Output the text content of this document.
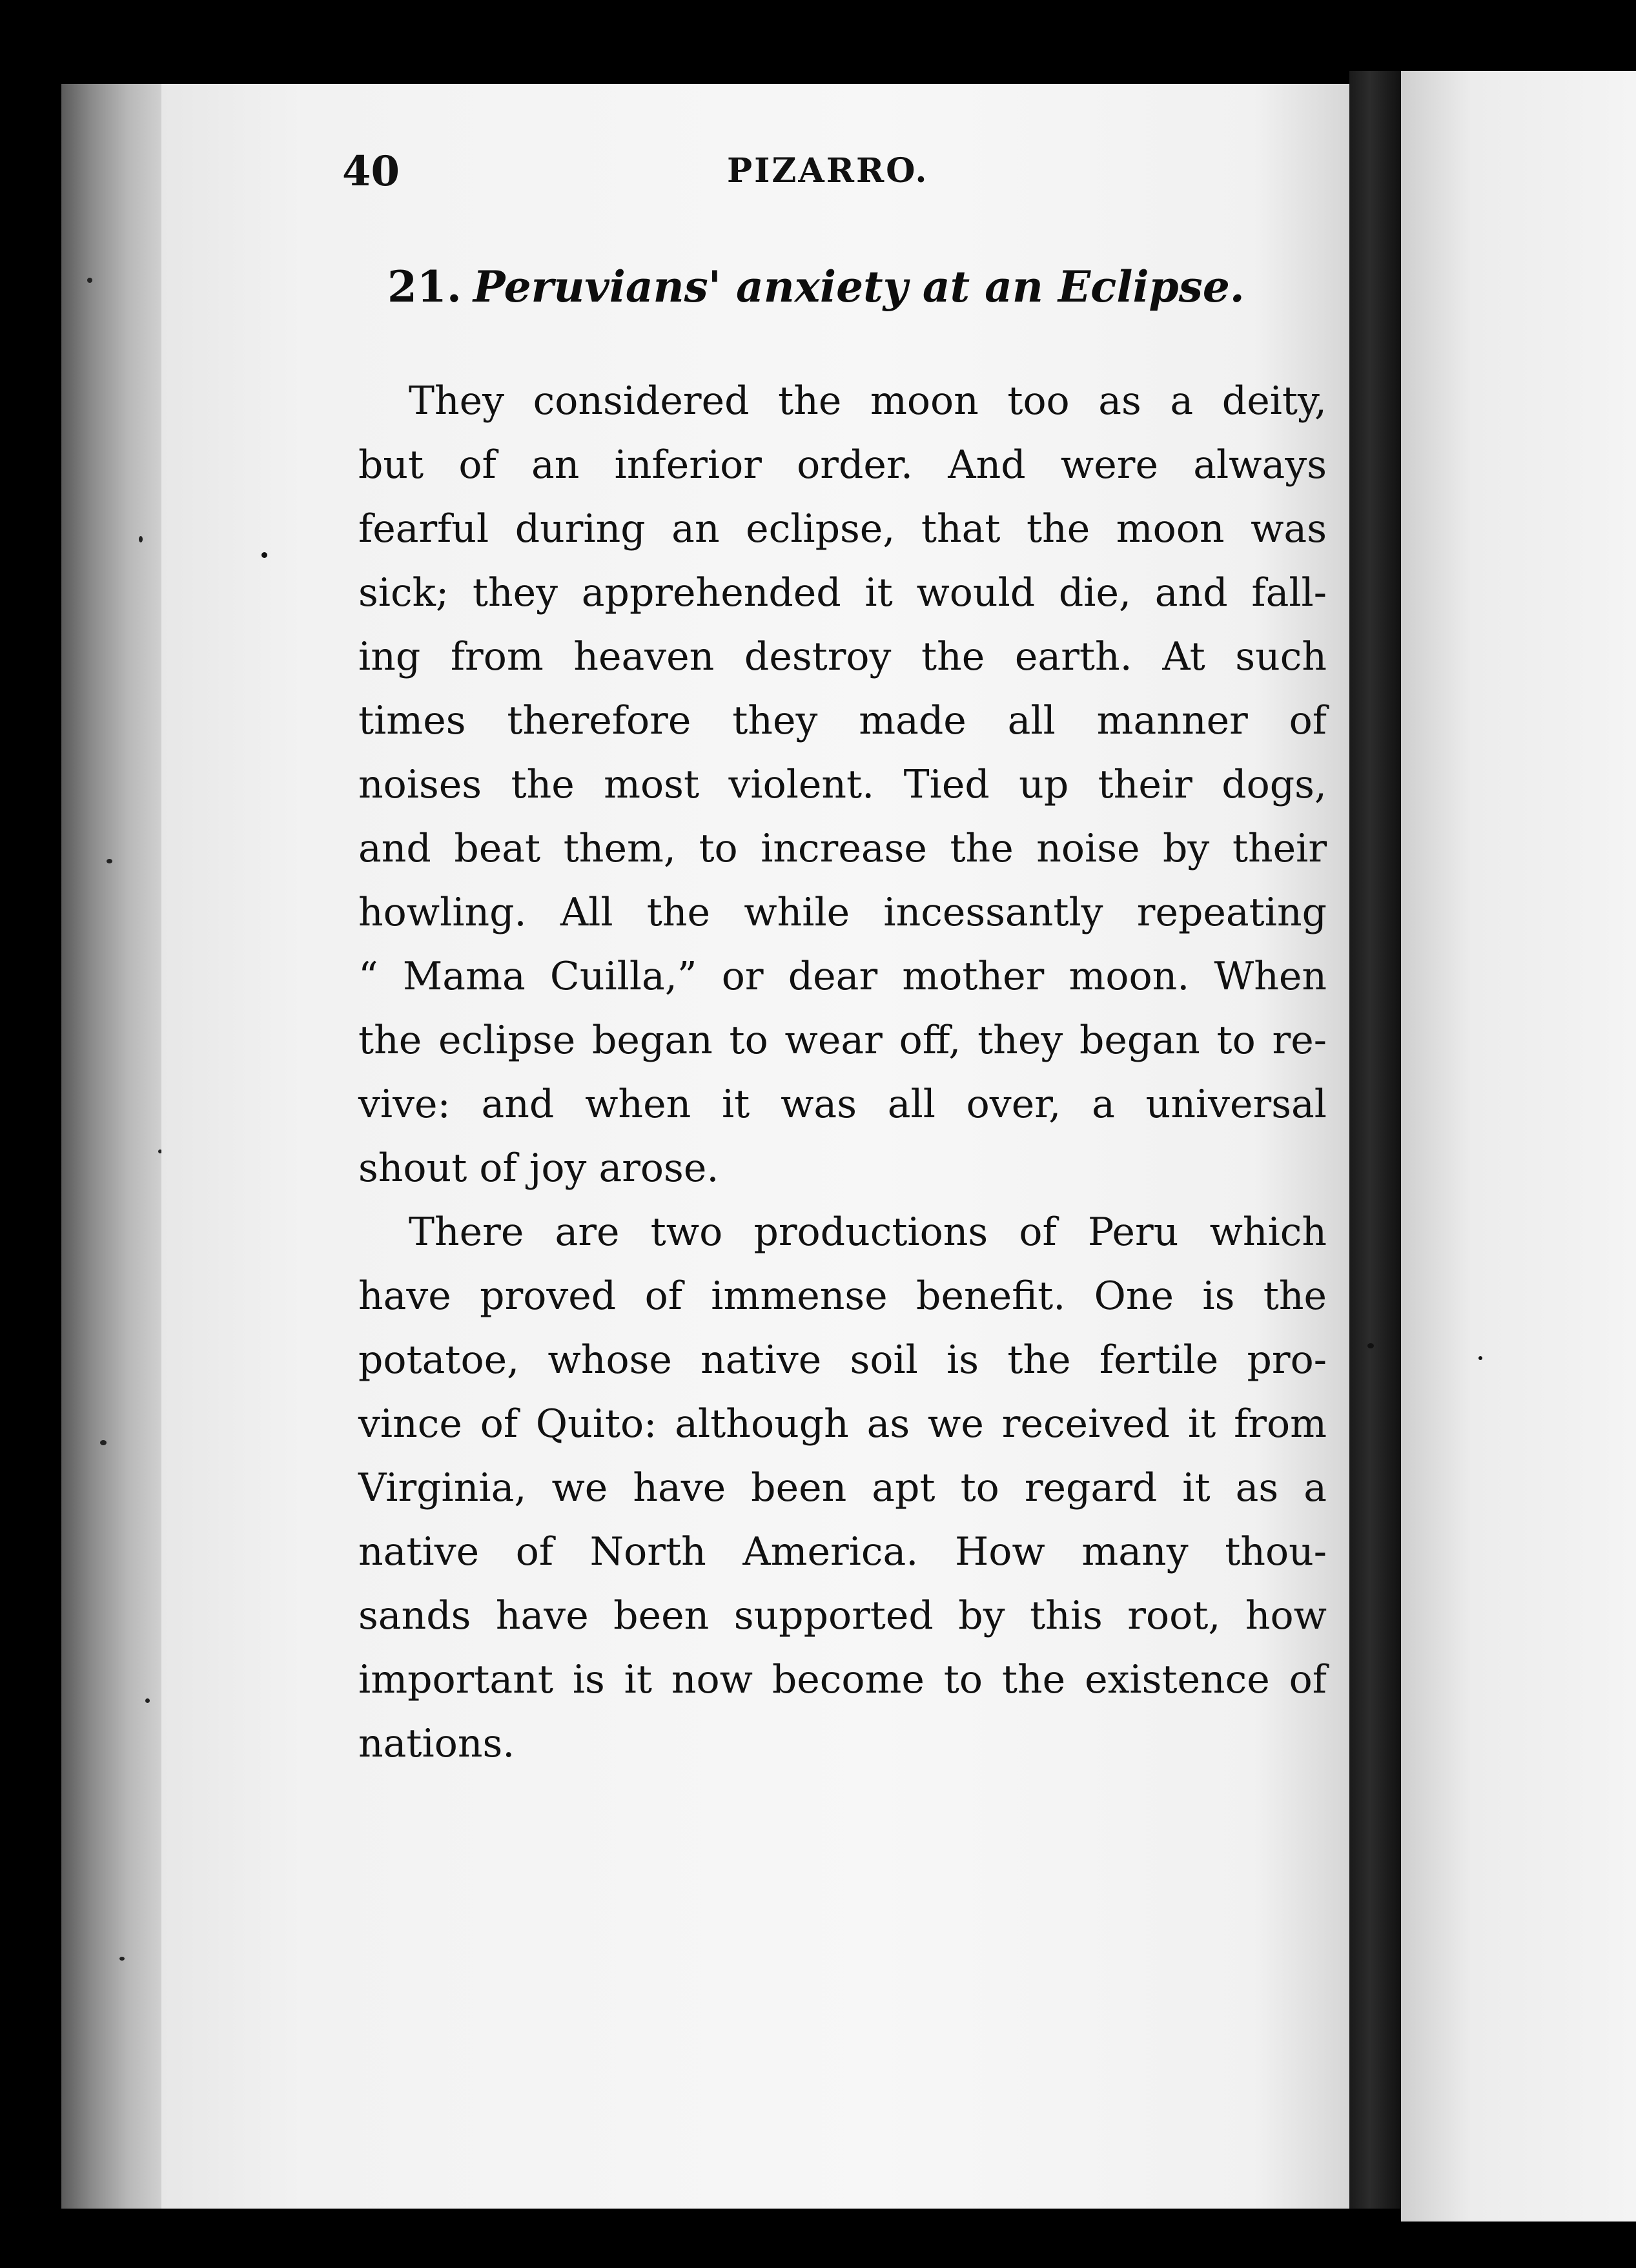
40	PIZARRO.
21. Peruvians' anxiety at an Eclipse.
They considered the moon too as a deity,
but of an inferior order. And were always
fearful during an eclipse, that the moon was
sick; they apprehended it would die, and fall-
ing from heaven destroy the earth. At such
times therefore they made all manner of
noises the most violent. Tied up their dogs,
and beat them, to increase the noise by their
howling. All the while incessantly repeating
“ Mama Cuilla,” or dear mother moon. When
the eclipse began to wear off, they began to re-
vive: and when it was all over, a universal
shout of joy arose.
There are two productions of Peru which
have proved of immense benefit. One is the
potatoe, whose native soil is the fertile pro-
vince of Quito: although as we received it from
Virginia, we have been apt to regard it as a
native of North America. How many thou-
sands have been supported by this root, how
important is it now become to the existence of
nations.
